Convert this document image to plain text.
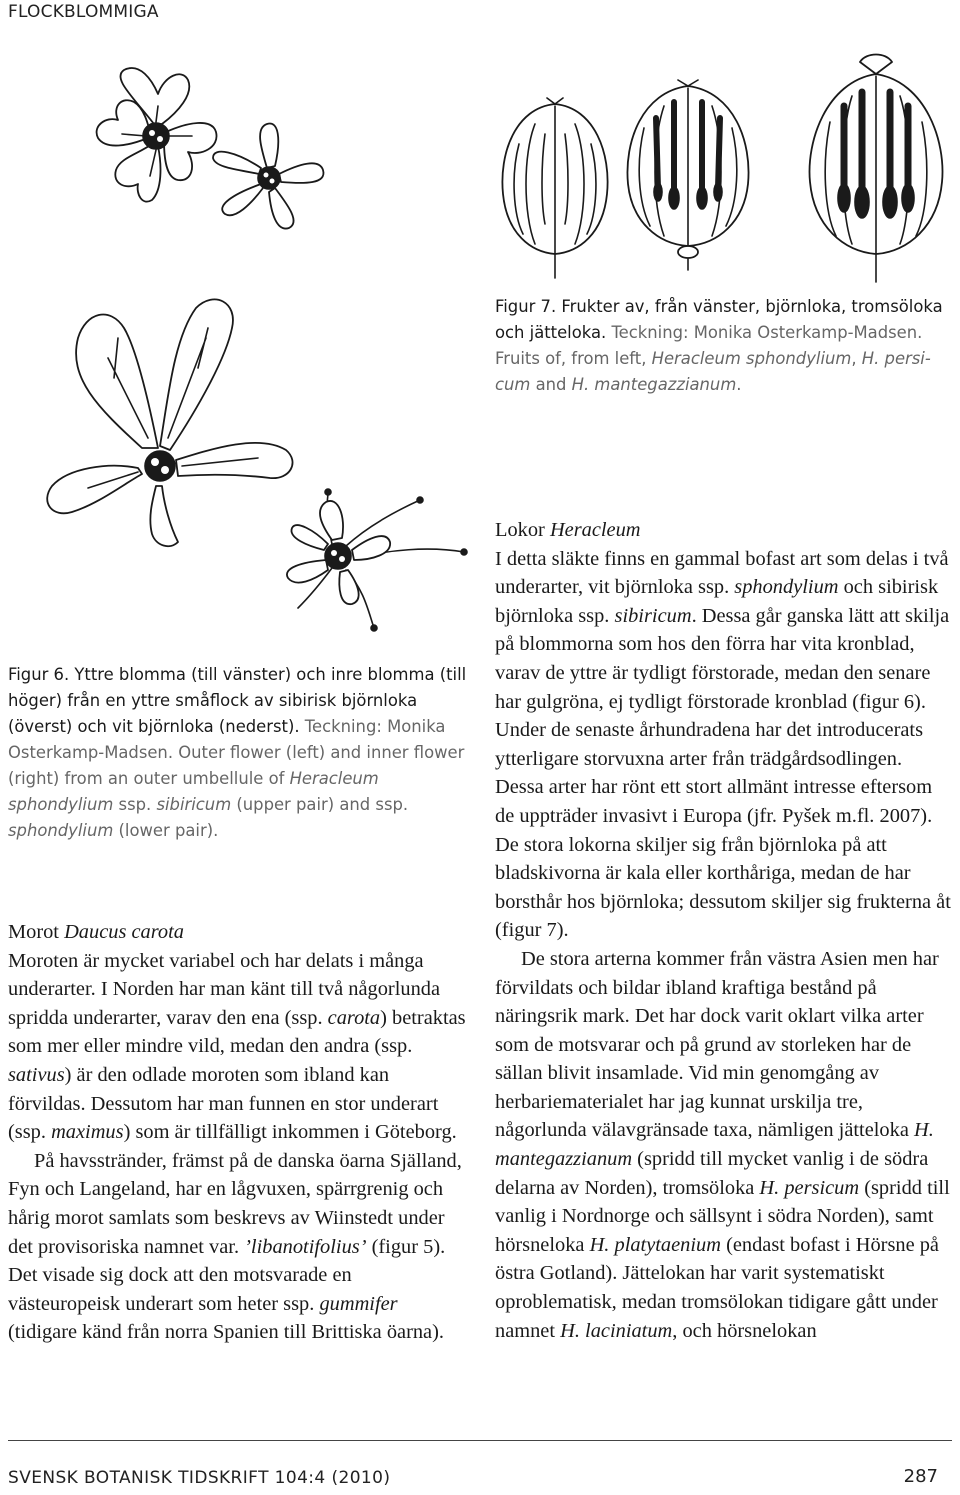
FLOCKBLOMMIGA
Figur 7. Frukter av, från vänster, björnloka, tromsöloka och jätteloka. Teckning: Monika Osterkamp-Madsen. Fruits of, from left, Heracleum sphondylium, H. persicum and H. mantegazzianum.
Figur 6. Yttre blomma (till vänster) och inre blomma (till höger) från en yttre småflock av sibirisk björnloka (överst) och vit björnloka (nederst). Teckning: Monika Osterkamp-Madsen. Outer flower (left) and inner flower (right) from an outer umbellule of Heracleum sphondylium ssp. sibiricum (upper pair) and ssp. sphondylium (lower pair).

Morot Daucus carota

Moroten är mycket variabel och har delats i många underarter. I Norden har man känt till två någorlunda spridda underarter, varav den ena (ssp. carota) betraktas som mer eller mindre vild, medan den andra (ssp. sativus) är den odlade moroten som ibland kan förvildas. Dessutom har man funnen en stor underart (ssp. maximus) som är tillfälligt inkommen i Göteborg.

På havsstränder, främst på de danska öarna Själland, Fyn och Langeland, har en lågvuxen, spärrgrenig och hårig morot samlats som beskrevs av Wiinstedt under det provisoriska namnet var. ’libanotifolius’ (figur 5). Det visade sig dock att den motsvarade en västeuropeisk underart som heter ssp. gummifer (tidigare känd från norra Spanien till Brittiska öarna).

Lokor Heracleum

I detta släkte finns en gammal bofast art som delas i två underarter, vit björnloka ssp. sphondylium och sibirisk björnloka ssp. sibiricum. Dessa går ganska lätt att skilja på blommorna som hos den förra har vita kronblad, varav de yttre är tydligt förstorade, medan den senare har gulgröna, ej tydligt förstorade kronblad (figur 6). Under de senaste århundradena har det introducerats ytterligare storvuxna arter från trädgårdsodlingen. Dessa arter har rönt ett stort allmänt intresse eftersom de uppträder invasivt i Europa (jfr. Pyšek m.fl. 2007). De stora lokorna skiljer sig från björnloka på att bladskivorna är kala eller korthåriga, medan de har borsthår hos björnloka; dessutom skiljer sig frukterna åt (figur 7).

De stora arterna kommer från västra Asien men har förvildats och bildar ibland kraftiga bestånd på näringsrik mark. Det har dock varit oklart vilka arter som de motsvarar och på grund av storleken har de sällan blivit insamlade. Vid min genomgång av herbariematerialet har jag kunnat urskilja tre, någorlunda välavgränsade taxa, nämligen jätteloka H. mantegazzianum (spridd till mycket vanlig i de södra delarna av Norden), tromsöloka H. persicum (spridd till vanlig i Nordnorge och sällsynt i södra Norden), samt hörsneloka H. platytaenium (endast bofast i Hörsne på östra Gotland). Jättelokan har varit systematiskt oproblematisk, medan tromsölokan tidigare gått under namnet H. laciniatum, och hörsnelokan

SVENSK BOTANISK TIDSKRIFT 104:4 (2010)	287
